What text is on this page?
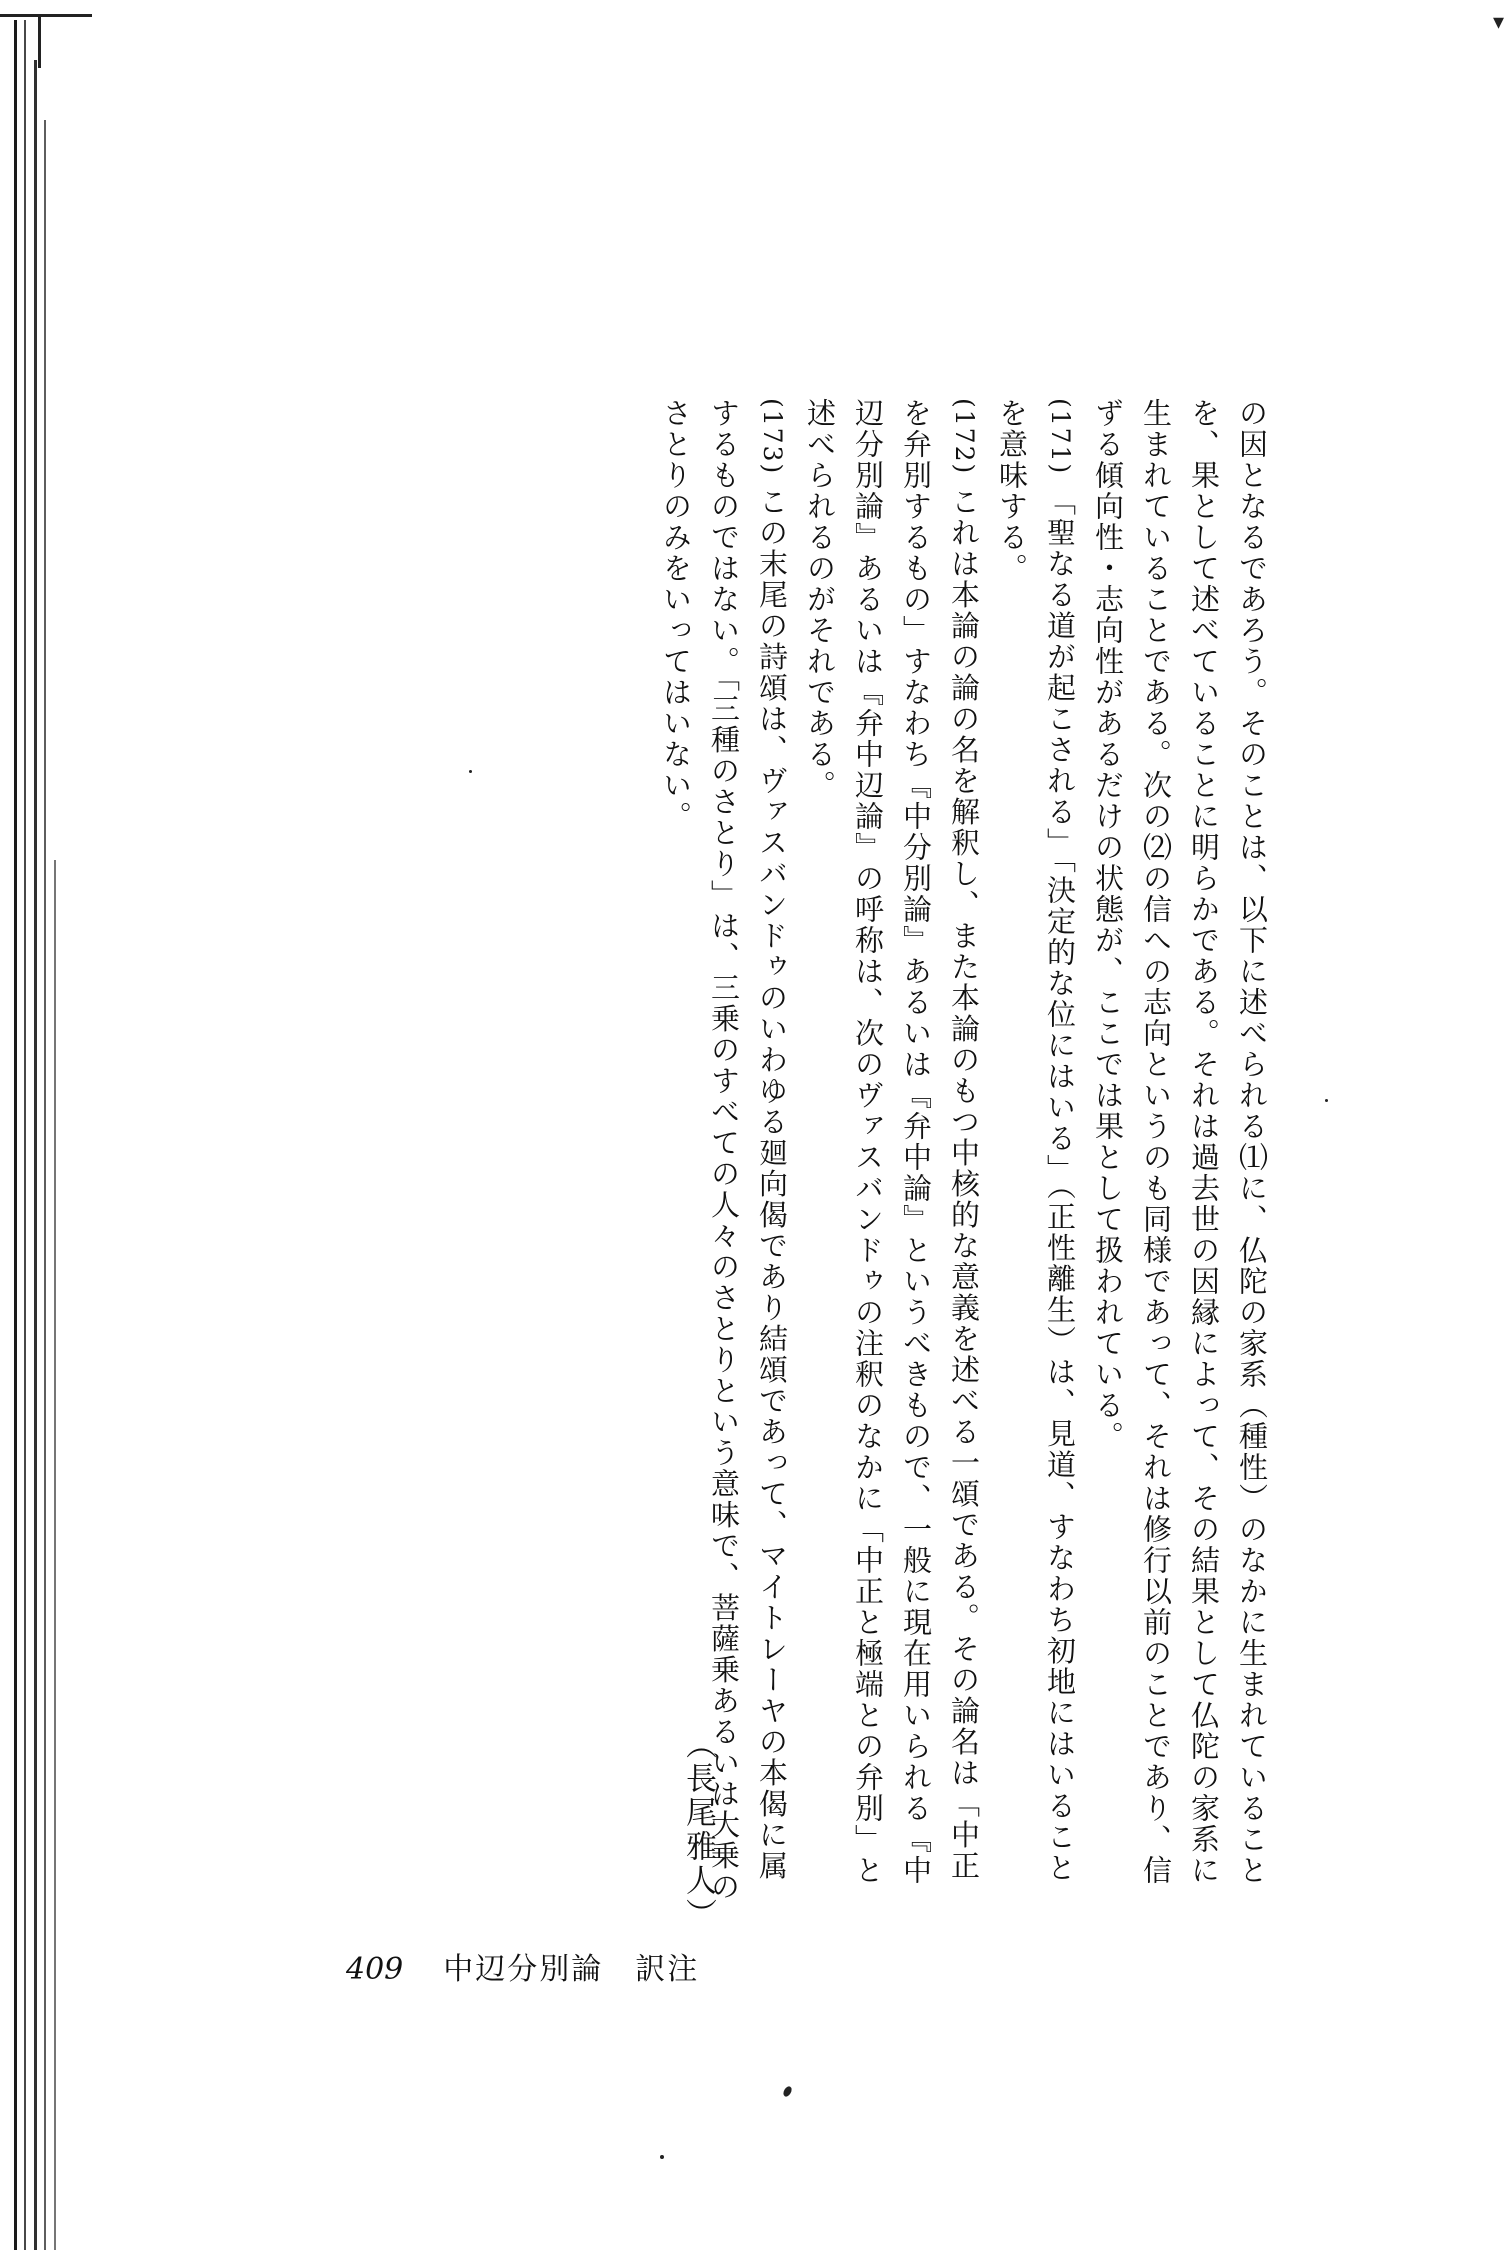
▾

の因となるであろう。そのことは、以下に述べられる⑴に、仏陀の家系（種性）のなかに生まれていることを、果として述べていることに明らかである。それは過去世の因縁によって、その結果として仏陀の家系に生まれていることである。次の⑵の信への志向というのも同様であって、それは修行以前のことであり、信ずる傾向性・志向性があるだけの状態が、ここでは果として扱われている。

(171) 「聖なる道が起こされる」「決定的な位にはいる」（正性離生）は、見道、すなわち初地にはいることを意味する。

(172) これは本論の論の名を解釈し、また本論のもつ中核的な意義を述べる一頌である。その論名は「中正を弁別するもの」すなわち『中分別論』あるいは『弁中論』というべきもので、一般に現在用いられる『中辺分別論』あるいは『弁中辺論』の呼称は、次のヴァスバンドゥの注釈のなかに「中正と極端との弁別」と述べられるのがそれである。

(173) この末尾の詩頌は、ヴァスバンドゥのいわゆる廻向偈であり結頌であって、マイトレーヤの本偈に属するものではない。「三種のさとり」は、三乗のすべての人々のさとりという意味で、菩薩乗あるいは大乗のさとりのみをいってはいない。

（長尾雅人）
409 中辺分別論　訳注
